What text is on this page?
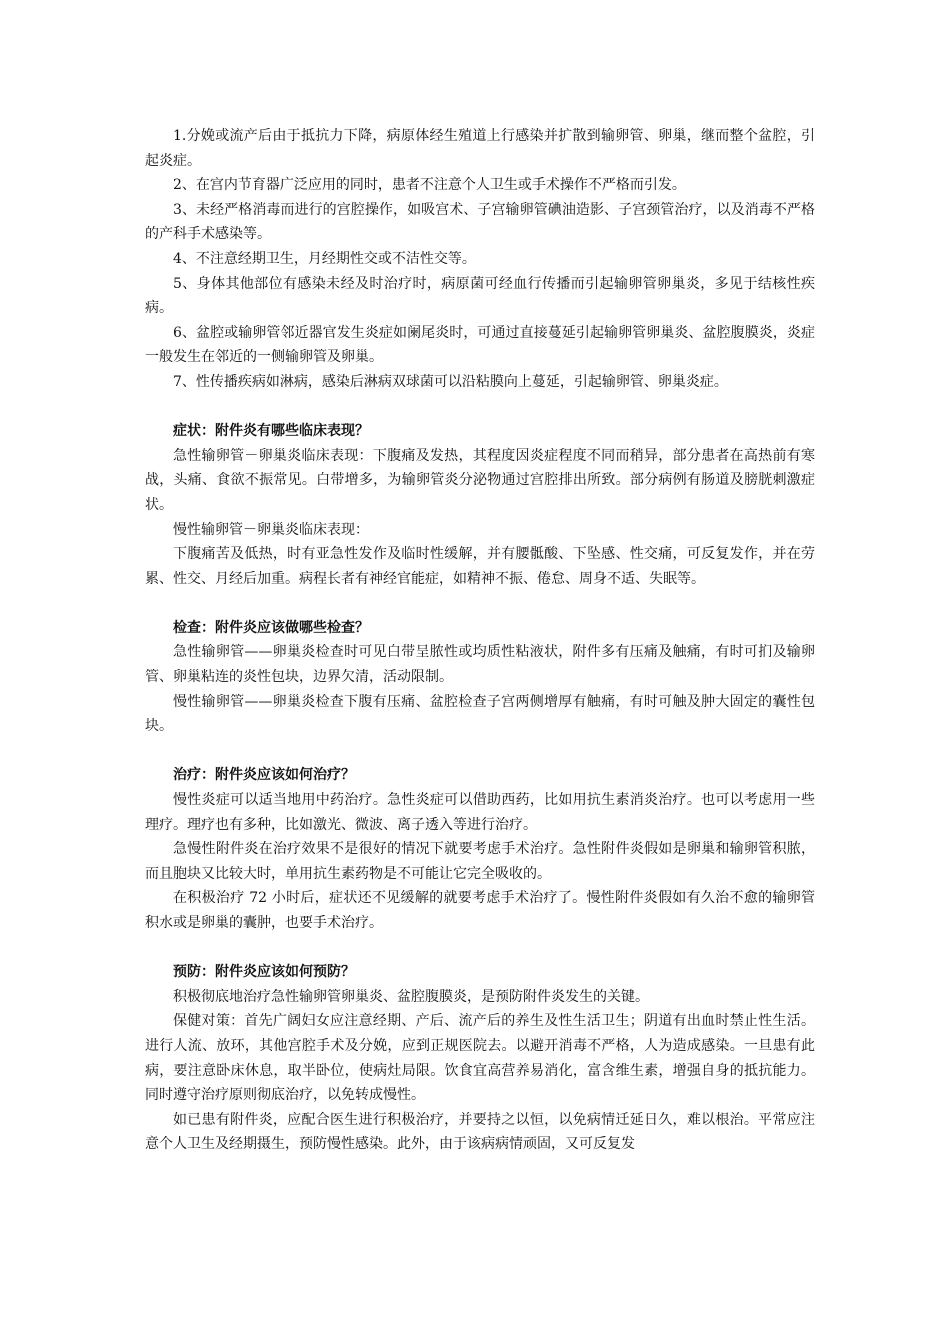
1.分娩或流产后由于抵抗力下降，病原体经生殖道上行感染并扩散到输卵管、卵巢，继而整个盆腔，引起炎症。

2、在宫内节育器广泛应用的同时，患者不注意个人卫生或手术操作不严格而引发。

3、未经严格消毒而进行的宫腔操作，如吸宫术、子宫输卵管碘油造影、子宫颈管治疗，以及消毒不严格的产科手术感染等。

4、不注意经期卫生，月经期性交或不洁性交等。

5、身体其他部位有感染未经及时治疗时，病原菌可经血行传播而引起输卵管卵巢炎，多见于结核性疾病。

6、盆腔或输卵管邻近器官发生炎症如阑尾炎时，可通过直接蔓延引起输卵管卵巢炎、盆腔腹膜炎，炎症一般发生在邻近的一侧输卵管及卵巢。

7、性传播疾病如淋病，感染后淋病双球菌可以沿粘膜向上蔓延，引起输卵管、卵巢炎症。

症状：附件炎有哪些临床表现？

急性输卵管－卵巢炎临床表现：下腹痛及发热，其程度因炎症程度不同而稍异，部分患者在高热前有寒战，头痛、食欲不振常见。白带增多，为输卵管炎分泌物通过宫腔排出所致。部分病例有肠道及膀胱刺激症状。

慢性输卵管－卵巢炎临床表现：

下腹痛苦及低热，时有亚急性发作及临时性缓解，并有腰骶酸、下坠感、性交痛，可反复发作，并在劳累、性交、月经后加重。病程长者有神经官能症，如精神不振、倦怠、周身不适、失眠等。

检查：附件炎应该做哪些检查？

急性输卵管——卵巢炎检查时可见白带呈脓性或均质性粘液状，附件多有压痛及触痛，有时可扪及输卵管、卵巢粘连的炎性包块，边界欠清，活动限制。

慢性输卵管——卵巢炎检查下腹有压痛、盆腔检查子宫两侧增厚有触痛，有时可触及肿大固定的囊性包块。

治疗：附件炎应该如何治疗？

慢性炎症可以适当地用中药治疗。急性炎症可以借助西药，比如用抗生素消炎治疗。也可以考虑用一些理疗。理疗也有多种，比如激光、微波、离子透入等进行治疗。

急慢性附件炎在治疗效果不是很好的情况下就要考虑手术治疗。急性附件炎假如是卵巢和输卵管积脓，而且胞块又比较大时，单用抗生素药物是不可能让它完全吸收的。

在积极治疗 72 小时后，症状还不见缓解的就要考虑手术治疗了。慢性附件炎假如有久治不愈的输卵管积水或是卵巢的囊肿，也要手术治疗。

预防：附件炎应该如何预防？

积极彻底地治疗急性输卵管卵巢炎、盆腔腹膜炎，是预防附件炎发生的关键。

保健对策：首先广阔妇女应注意经期、产后、流产后的养生及性生活卫生；阴道有出血时禁止性生活。进行人流、放环，其他宫腔手术及分娩，应到正规医院去。以避开消毒不严格，人为造成感染。一旦患有此病，要注意卧床休息，取半卧位，使病灶局限。饮食宜高营养易消化，富含维生素，增强自身的抵抗能力。同时遵守治疗原则彻底治疗，以免转成慢性。

如已患有附件炎，应配合医生进行积极治疗，并要持之以恒，以免病情迁延日久，难以根治。平常应注意个人卫生及经期摄生，预防慢性感染。此外，由于该病病情顽固，又可反复发
